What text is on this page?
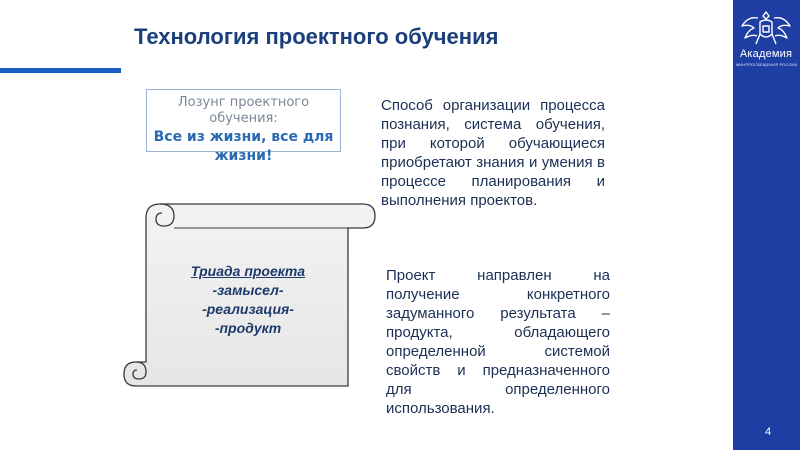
Технология проектного обучения
Академия
МИНПРОСВЕЩЕНИЯ РОССИИ
4
Лозунг проектного обучения:
Все из жизни, все для
жизни!
Триада проекта
-замысел-
-реализация-
-продукт
Способ организации процесса познания, система обучения, при которой обучающиеся приобретают знания и умения в процессе планирования и выполнения проектов.
Проект направлен на получение конкретного задуманного результата – продукта, обладающего определенной системой свойств и предназначенного для определенного использования.
